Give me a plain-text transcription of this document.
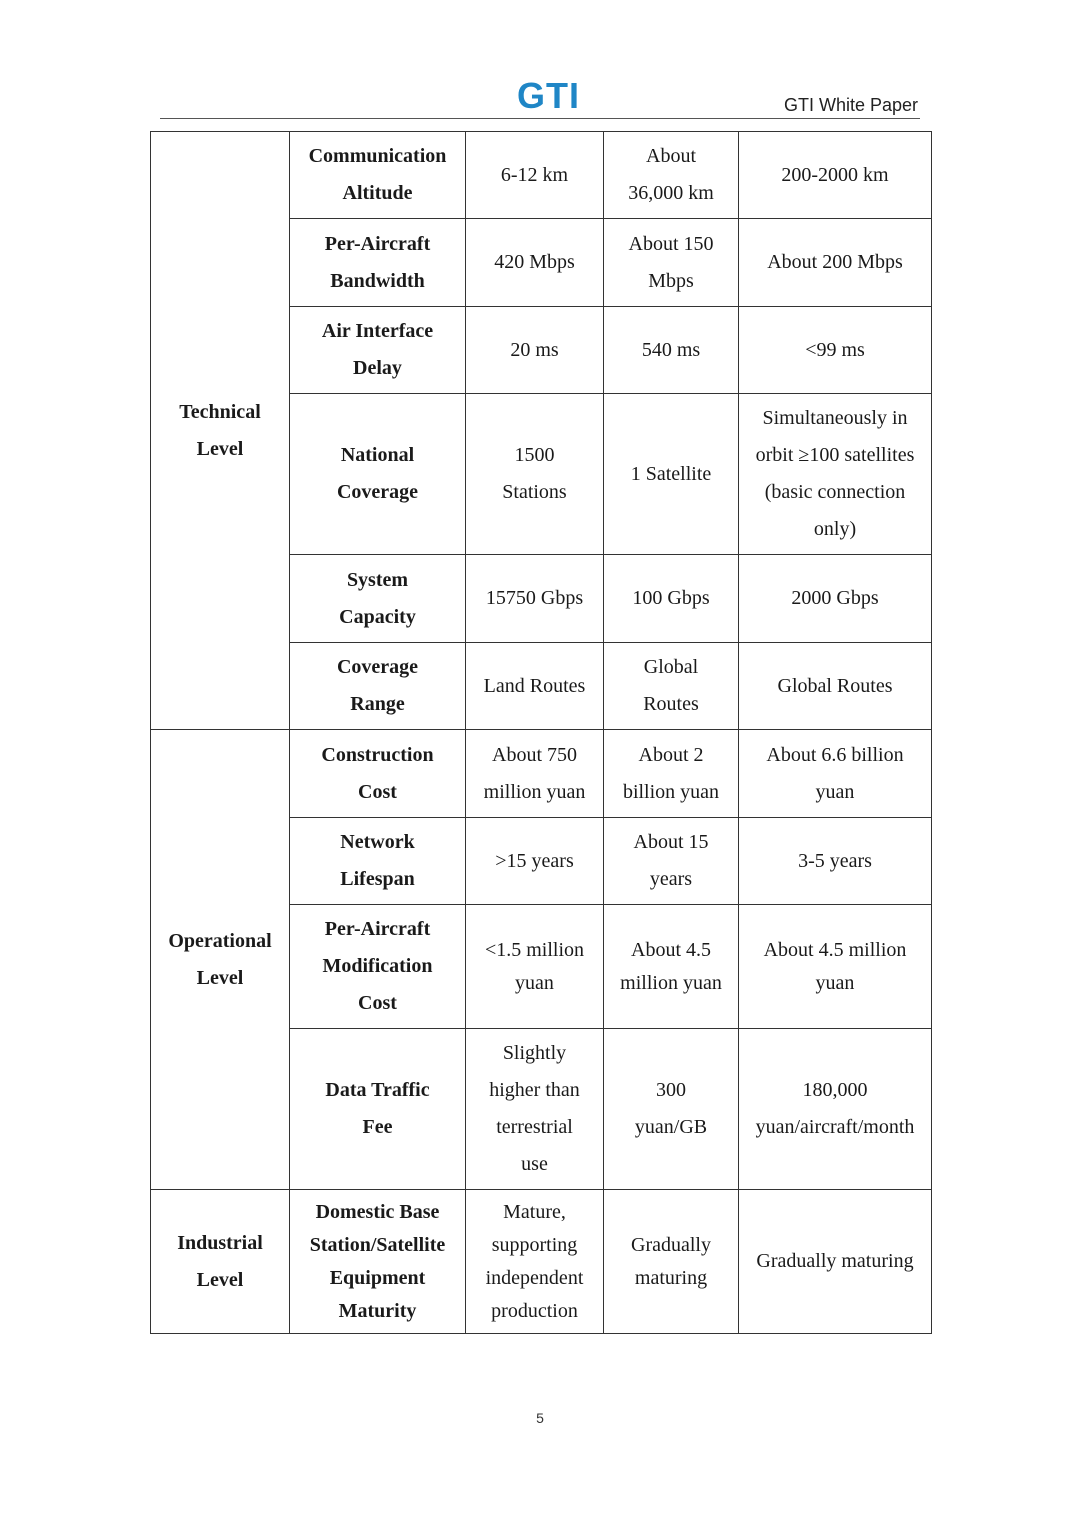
GTI	GTI White Paper
Technical Level	Communication Altitude	6-12 km	About 36,000 km	200-2000 km
	Per-Aircraft Bandwidth	420 Mbps	About 150 Mbps	About 200 Mbps
	Air Interface Delay	20 ms	540 ms	<99 ms
	National Coverage	1500 Stations	1 Satellite	Simultaneously in orbit ≥100 satellites (basic connection only)
	System Capacity	15750 Gbps	100 Gbps	2000 Gbps
	Coverage Range	Land Routes	Global Routes	Global Routes
Operational Level	Construction Cost	About 750 million yuan	About 2 billion yuan	About 6.6 billion yuan
	Network Lifespan	>15 years	About 15 years	3-5 years
	Per-Aircraft Modification Cost	<1.5 million yuan	About 4.5 million yuan	About 4.5 million yuan
	Data Traffic Fee	Slightly higher than terrestrial use	300 yuan/GB	180,000 yuan/aircraft/month
Industrial Level	Domestic Base Station/Satellite Equipment Maturity	Mature, supporting independent production	Gradually maturing	Gradually maturing
5
